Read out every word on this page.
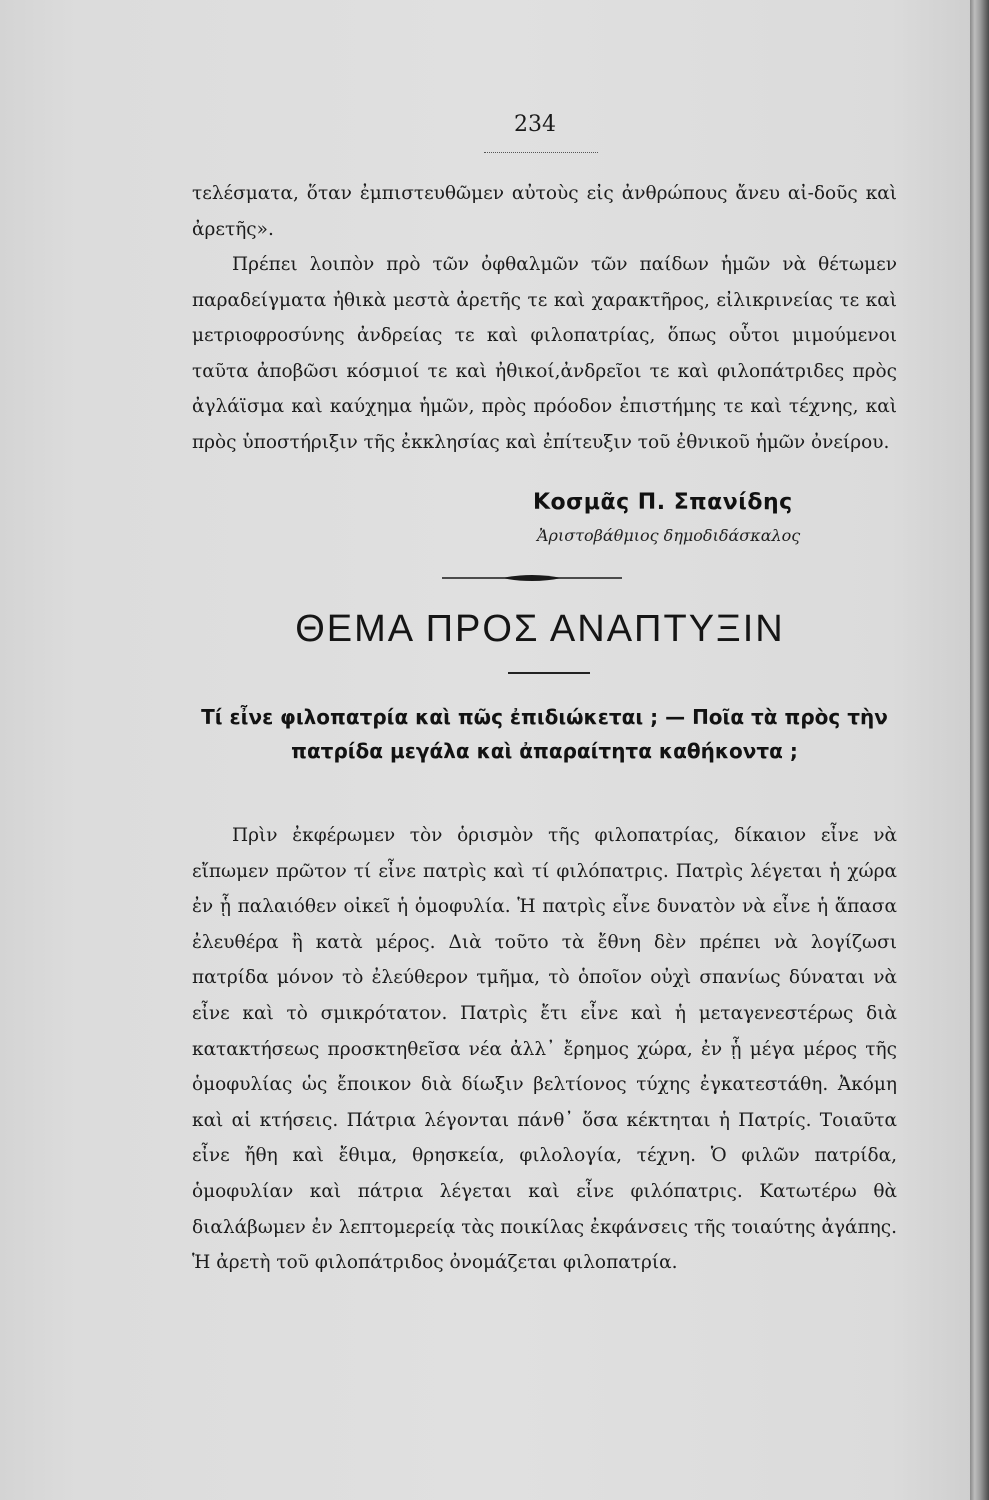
234

τελέσματα, ὅταν ἐμπιστευθῶμεν αὐτοὺς εἰς ἀνθρώπους ἄνευ αἰ-δοῦς καὶ ἀρετῆς».

Πρέπει λοιπὸν πρὸ τῶν ὀφθαλμῶν τῶν παίδων ἡμῶν νὰ θέτωμεν παραδείγματα ἠθικὰ μεστὰ ἀρετῆς τε καὶ χαρακτῆρος, εἰλικρινείας τε καὶ μετριοφροσύνης ἀνδρείας τε καὶ φιλοπατρίας, ὅπως οὗτοι μιμούμενοι ταῦτα ἀποβῶσι κόσμιοί τε καὶ ἠθικοί,ἀνδρεῖοι τε καὶ φιλοπάτριδες πρὸς ἀγλάϊσμα καὶ καύχημα ἡμῶν, πρὸς πρόοδον ἐπιστήμης τε καὶ τέχνης, καὶ πρὸς ὑποστήριξιν τῆς ἐκκλησίας καὶ ἐπίτευξιν τοῦ ἐθνικοῦ ἡμῶν ὀνείρου.

Κοσμᾶς Π. Σπανίδης
Ἀριστοβάθμιος δημοδιδάσκαλος
ΘΕΜΑ ΠΡΟΣ ΑΝΑΠΤΥΞΙΝ

Τί εἶνε φιλοπατρία καὶ πῶς ἐπιδιώκεται ; — Ποῖα τὰ πρὸς τὴν πατρίδα μεγάλα καὶ ἀπαραίτητα καθήκοντα ;

Πρὶν ἐκφέρωμεν τὸν ὁρισμὸν τῆς φιλοπατρίας, δίκαιον εἶνε νὰ εἴπωμεν πρῶτον τί εἶνε πατρὶς καὶ τί φιλόπατρις. Πατρὶς λέγεται ἡ χώρα ἐν ᾗ παλαιόθεν οἰκεῖ ἡ ὁμοφυλία. Ἡ πατρὶς εἶνε δυνατὸν νὰ εἶνε ἡ ἅπασα ἐλευθέρα ἢ κατὰ μέρος. Διὰ τοῦτο τὰ ἔθνη δὲν πρέπει νὰ λογίζωσι πατρίδα μόνον τὸ ἐλεύθερον τμῆμα, τὸ ὁποῖον οὐχὶ σπανίως δύναται νὰ εἶνε καὶ τὸ σμικρότατον. Πατρὶς ἔτι εἶνε καὶ ἡ μεταγενεστέρως διὰ κατακτήσεως προσκτηθεῖσα νέα ἀλλ᾽ ἔρημος χώρα, ἐν ᾗ μέγα μέρος τῆς ὁμοφυλίας ὡς ἔποικον διὰ δίωξιν βελτίονος τύχης ἐγκατεστάθη. Ἀκόμη καὶ αἱ κτήσεις. Πάτρια λέγονται πάνθ᾽ ὅσα κέκτηται ἡ Πατρίς. Τοιαῦτα εἶνε ἤθη καὶ ἔθιμα, θρησκεία, φιλολογία, τέχνη. Ὁ φιλῶν πατρίδα, ὁμοφυλίαν καὶ πάτρια λέγεται καὶ εἶνε φιλόπατρις. Κατωτέρω θὰ διαλάβωμεν ἐν λεπτομερείᾳ τὰς ποικίλας ἐκφάνσεις τῆς τοιαύτης ἀγάπης. Ἡ ἀρετὴ τοῦ φιλοπάτριδος ὀνομάζεται φιλοπατρία.
